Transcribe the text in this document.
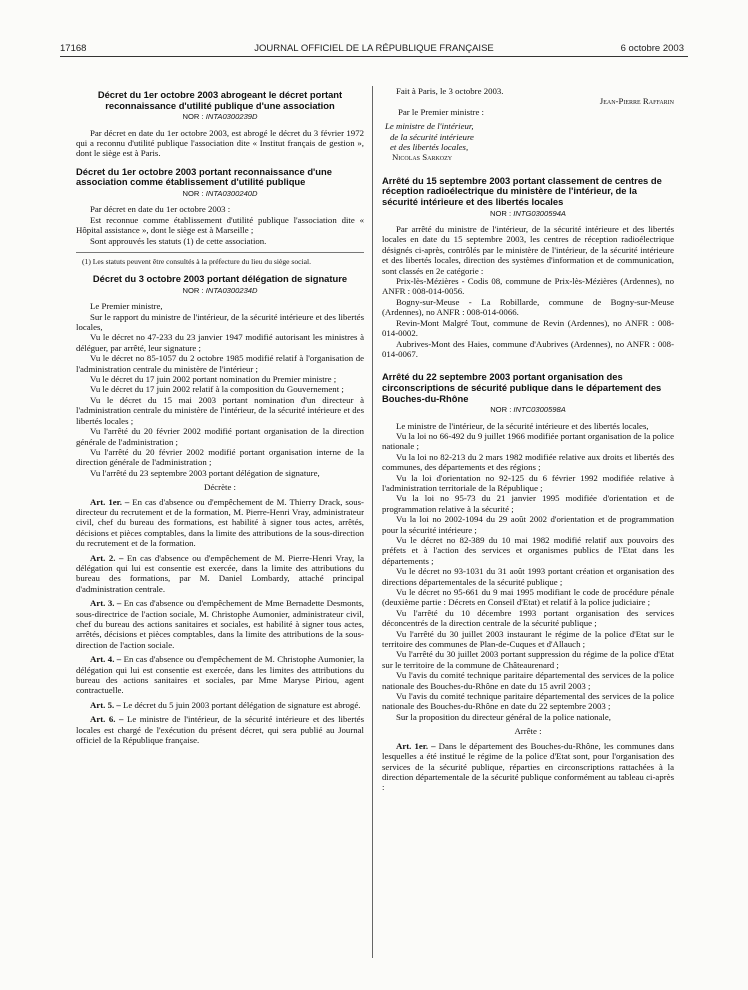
17168	JOURNAL OFFICIEL DE LA RÉPUBLIQUE FRANÇAISE	6 octobre 2003
Décret du 1er octobre 2003 abrogeant le décret portant reconnaissance d'utilité publique d'une association
NOR : INTA0300239D

Par décret en date du 1er octobre 2003, est abrogé le décret du 3 février 1972 qui a reconnu d'utilité publique l'association dite « Institut français de gestion », dont le siège est à Paris.

Décret du 1er octobre 2003 portant reconnaissance d'une association comme établissement d'utilité publique
NOR : INTA0300240D

Par décret en date du 1er octobre 2003 :

Est reconnue comme établissement d'utilité publique l'association dite « Hôpital assistance », dont le siège est à Marseille ;

Sont approuvés les statuts (1) de cette association.

(1) Les statuts peuvent être consultés à la préfecture du lieu du siège social.

Décret du 3 octobre 2003 portant délégation de signature
NOR : INTA0300234D

Le Premier ministre,

Sur le rapport du ministre de l'intérieur, de la sécurité intérieure et des libertés locales,

Vu le décret no 47-233 du 23 janvier 1947 modifié autorisant les ministres à déléguer, par arrêté, leur signature ;

Vu le décret no 85-1057 du 2 octobre 1985 modifié relatif à l'organisation de l'administration centrale du ministère de l'intérieur ;

Vu le décret du 17 juin 2002 portant nomination du Premier ministre ;

Vu le décret du 17 juin 2002 relatif à la composition du Gouvernement ;

Vu le décret du 15 mai 2003 portant nomination d'un directeur à l'administration centrale du ministère de l'intérieur, de la sécurité intérieure et des libertés locales ;

Vu l'arrêté du 20 février 2002 modifié portant organisation de la direction générale de l'administration ;

Vu l'arrêté du 20 février 2002 modifié portant organisation interne de la direction générale de l'administration ;

Vu l'arrêté du 23 septembre 2003 portant délégation de signature,

Décrète :

Art. 1er. – En cas d'absence ou d'empêchement de M. Thierry Drack, sous-directeur du recrutement et de la formation, M. Pierre-Henri Vray, administrateur civil, chef du bureau des formations, est habilité à signer tous actes, arrêtés, décisions et pièces comptables, dans la limite des attributions de la sous-direction du recrutement et de la formation.

Art. 2. – En cas d'absence ou d'empêchement de M. Pierre-Henri Vray, la délégation qui lui est consentie est exercée, dans la limite des attributions du bureau des formations, par M. Daniel Lombardy, attaché principal d'administration centrale.

Art. 3. – En cas d'absence ou d'empêchement de Mme Bernadette Desmonts, sous-directrice de l'action sociale, M. Christophe Aumonier, administrateur civil, chef du bureau des actions sanitaires et sociales, est habilité à signer tous actes, arrêtés, décisions et pièces comptables, dans la limite des attributions de la sous-direction de l'action sociale.

Art. 4. – En cas d'absence ou d'empêchement de M. Christophe Aumonier, la délégation qui lui est consentie est exercée, dans les limites des attributions du bureau des actions sanitaires et sociales, par Mme Maryse Piriou, agent contractuelle.

Art. 5. – Le décret du 5 juin 2003 portant délégation de signature est abrogé.

Art. 6. – Le ministre de l'intérieur, de la sécurité intérieure et des libertés locales est chargé de l'exécution du présent décret, qui sera publié au Journal officiel de la République française.

Fait à Paris, le 3 octobre 2003.

Jean-Pierre Raffarin

Par le Premier ministre :

Le ministre de l'intérieur,

de la sécurité intérieure

et des libertés locales,

Nicolas Sarkozy

Arrêté du 15 septembre 2003 portant classement de centres de réception radioélectrique du ministère de l'intérieur, de la sécurité intérieure et des libertés locales
NOR : INTG0300594A

Par arrêté du ministre de l'intérieur, de la sécurité intérieure et des libertés locales en date du 15 septembre 2003, les centres de réception radioélectrique désignés ci-après, contrôlés par le ministère de l'intérieur, de la sécurité intérieure et des libertés locales, direction des systèmes d'information et de communication, sont classés en 2e catégorie :

Prix-lès-Mézières - Codis 08, commune de Prix-lès-Mézières (Ardennes), no ANFR : 008-014-0056.

Bogny-sur-Meuse - La Robillarde, commune de Bogny-sur-Meuse (Ardennes), no ANFR : 008-014-0066.

Revin-Mont Malgré Tout, commune de Revin (Ardennes), no ANFR : 008-014-0002.

Aubrives-Mont des Haies, commune d'Aubrives (Ardennes), no ANFR : 008-014-0067.

Arrêté du 22 septembre 2003 portant organisation des circonscriptions de sécurité publique dans le département des Bouches-du-Rhône
NOR : INTC0300598A

Le ministre de l'intérieur, de la sécurité intérieure et des libertés locales,

Vu la loi no 66-492 du 9 juillet 1966 modifiée portant organisation de la police nationale ;

Vu la loi no 82-213 du 2 mars 1982 modifiée relative aux droits et libertés des communes, des départements et des régions ;

Vu la loi d'orientation no 92-125 du 6 février 1992 modifiée relative à l'administration territoriale de la République ;

Vu la loi no 95-73 du 21 janvier 1995 modifiée d'orientation et de programmation relative à la sécurité ;

Vu la loi no 2002-1094 du 29 août 2002 d'orientation et de programmation pour la sécurité intérieure ;

Vu le décret no 82-389 du 10 mai 1982 modifié relatif aux pouvoirs des préfets et à l'action des services et organismes publics de l'Etat dans les départements ;

Vu le décret no 93-1031 du 31 août 1993 portant création et organisation des directions départementales de la sécurité publique ;

Vu le décret no 95-661 du 9 mai 1995 modifiant le code de procédure pénale (deuxième partie : Décrets en Conseil d'Etat) et relatif à la police judiciaire ;

Vu l'arrêté du 10 décembre 1993 portant organisation des services déconcentrés de la direction centrale de la sécurité publique ;

Vu l'arrêté du 30 juillet 2003 instaurant le régime de la police d'Etat sur le territoire des communes de Plan-de-Cuques et d'Allauch ;

Vu l'arrêté du 30 juillet 2003 portant suppression du régime de la police d'Etat sur le territoire de la commune de Châteaurenard ;

Vu l'avis du comité technique paritaire départemental des services de la police nationale des Bouches-du-Rhône en date du 15 avril 2003 ;

Vu l'avis du comité technique paritaire départemental des services de la police nationale des Bouches-du-Rhône en date du 22 septembre 2003 ;

Sur la proposition du directeur général de la police nationale,

Arrête :

Art. 1er. – Dans le département des Bouches-du-Rhône, les communes dans lesquelles a été institué le régime de la police d'Etat sont, pour l'organisation des services de la sécurité publique, réparties en circonscriptions rattachées à la direction départementale de la sécurité publique conformément au tableau ci-après :
